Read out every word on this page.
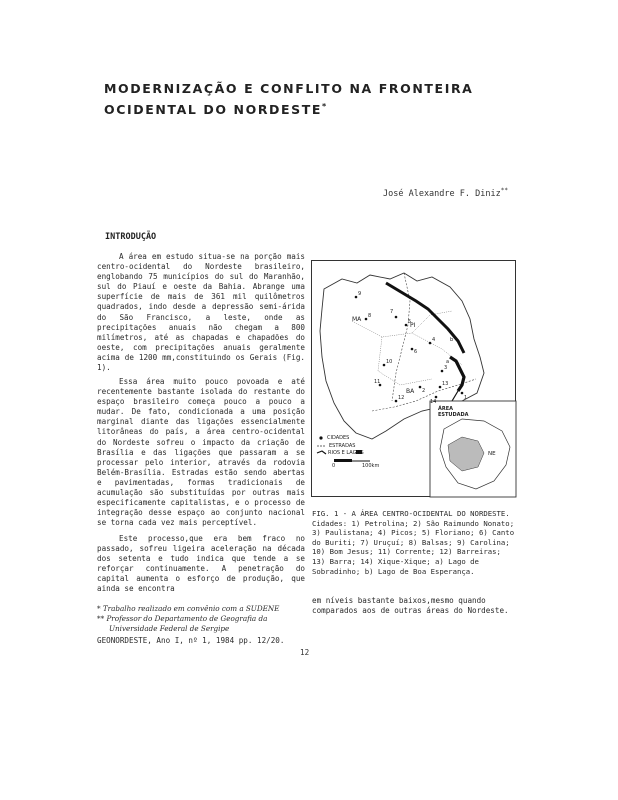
MODERNIZAÇÃO E CONFLITO NA FRONTEIRA
OCIDENTAL DO NORDESTE*
José Alexandre F. Diniz**
INTRODUÇÃO

A área em estudo situa-se na porção mais centro-ocidental do Nordeste brasileiro, englobando 75 municípios do sul do Maranhão, sul do Piauí e oeste da Bahia. Abrange uma superfície de mais de 361 mil quilômetros quadrados, indo desde a depressão semi-árida do São Francisco, a leste, onde as precipitações anuais não chegam a 800 milímetros, até as chapadas e chapadões do oeste, com precipitações anuais geralmente acima de 1200 mm,constituindo os Gerais (Fig. 1).

Essa área muito pouco povoada e até recentemente bastante isolada do restante do espaço brasileiro começa pouco a pouco a mudar. De fato, condicionada a uma posição marginal diante das ligações essencialmente litorâneas do país, a área centro-ocidental do Nordeste sofreu o impacto da criação de Brasília e das ligações que passaram a se processar pelo interior, através da rodovia Belém-Brasília. Estradas estão sendo abertas e pavimentadas, formas tradicionais de acumulação são substituídas por outras mais especificamente capitalistas, e o processo de integração desse espaço ao conjunto nacional se torna cada vez mais perceptível.

Este processo,que era bem fraco no passado, sofreu ligeira aceleração na década dos setenta e tudo indica que tende a se reforçar continuamente. A penetração do capital aumenta o esforço de produção, que ainda se encontra

* Trabalho realizado em convênio com a SUDENE
** Professor do Departamento de Geografia da
Universidade Federal de Sergipe
GEONORDESTE, Ano I, nº 1, 1984 pp. 12/20.
12
MA
PI
BA
1
2
3
4
5
6
7
8
9
10
11
12
13
14
a
b
ÁREA ESTUDADA
NE
CIDADES
ESTRADAS
RIOS E LAGOS
0	100km

FIG. 1 - A ÁREA CENTRO-OCIDENTAL DO NORDESTE. Cidades: 1) Petrolina; 2) São Raimundo Nonato; 3) Paulistana; 4) Picos; 5) Floriano; 6) Canto do Buriti; 7) Uruçuí; 8) Balsas; 9) Carolina; 10) Bom Jesus; 11) Corrente; 12) Barreiras; 13) Barra; 14) Xique-Xique; a) Lago de Sobradinho; b) Lago de Boa Esperança.

em níveis bastante baixos,mesmo quando comparados aos de outras áreas do Nordeste.
